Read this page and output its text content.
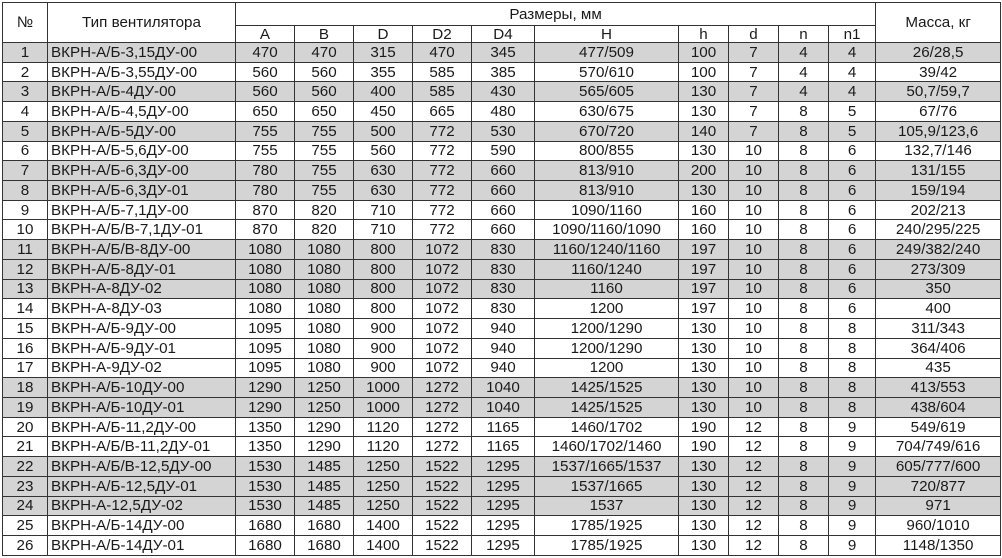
№	Тип вентилятора	Размеры, мм										Масса, кг
		A	B	D	D2	D4	H	h	d	n	n1	
1	ВКРН-А/Б-3,15ДУ-00	470	470	315	470	345	477/509	100	7	4	4	26/28,5
2	ВКРН-А/Б-3,55ДУ-00	560	560	355	585	385	570/610	100	7	4	4	39/42
3	ВКРН-А/Б-4ДУ-00	560	560	400	585	430	565/605	130	7	4	4	50,7/59,7
4	ВКРН-А/Б-4,5ДУ-00	650	650	450	665	480	630/675	130	7	8	5	67/76
5	ВКРН-А/Б-5ДУ-00	755	755	500	772	530	670/720	140	7	8	5	105,9/123,6
6	ВКРН-А/Б-5,6ДУ-00	755	755	560	772	590	800/855	130	10	8	6	132,7/146
7	ВКРН-А/Б-6,3ДУ-00	780	755	630	772	660	813/910	200	10	8	6	131/155
8	ВКРН-А/Б-6,3ДУ-01	780	755	630	772	660	813/910	130	10	8	6	159/194
9	ВКРН-А/Б-7,1ДУ-00	870	820	710	772	660	1090/1160	160	10	8	6	202/213
10	ВКРН-А/Б/В-7,1ДУ-01	870	820	710	772	660	1090/1160/1090	160	10	8	6	240/295/225
11	ВКРН-А/Б/В-8ДУ-00	1080	1080	800	1072	830	1160/1240/1160	197	10	8	6	249/382/240
12	ВКРН-А/Б-8ДУ-01	1080	1080	800	1072	830	1160/1240	197	10	8	6	273/309
13	ВКРН-А-8ДУ-02	1080	1080	800	1072	830	1160	197	10	8	6	350
14	ВКРН-А-8ДУ-03	1080	1080	800	1072	830	1200	197	10	8	6	400
15	ВКРН-А/Б-9ДУ-00	1095	1080	900	1072	940	1200/1290	130	10	8	8	311/343
16	ВКРН-А/Б-9ДУ-01	1095	1080	900	1072	940	1200/1290	130	10	8	8	364/406
17	ВКРН-А-9ДУ-02	1095	1080	900	1072	940	1200	130	10	8	8	435
18	ВКРН-А/Б-10ДУ-00	1290	1250	1000	1272	1040	1425/1525	130	10	8	8	413/553
19	ВКРН-А/Б-10ДУ-01	1290	1250	1000	1272	1040	1425/1525	130	10	8	8	438/604
20	ВКРН-А/Б-11,2ДУ-00	1350	1290	1120	1272	1165	1460/1702	190	12	8	9	549/619
21	ВКРН-А/Б/В-11,2ДУ-01	1350	1290	1120	1272	1165	1460/1702/1460	190	12	8	9	704/749/616
22	ВКРН-А/Б/В-12,5ДУ-00	1530	1485	1250	1522	1295	1537/1665/1537	130	12	8	9	605/777/600
23	ВКРН-А/Б-12,5ДУ-01	1530	1485	1250	1522	1295	1537/1665	130	12	8	9	720/877
24	ВКРН-А-12,5ДУ-02	1530	1485	1250	1522	1295	1537	130	12	8	9	971
25	ВКРН-А/Б-14ДУ-00	1680	1680	1400	1522	1295	1785/1925	130	12	8	9	960/1010
26	ВКРН-А/Б-14ДУ-01	1680	1680	1400	1522	1295	1785/1925	130	12	8	9	1148/1350
